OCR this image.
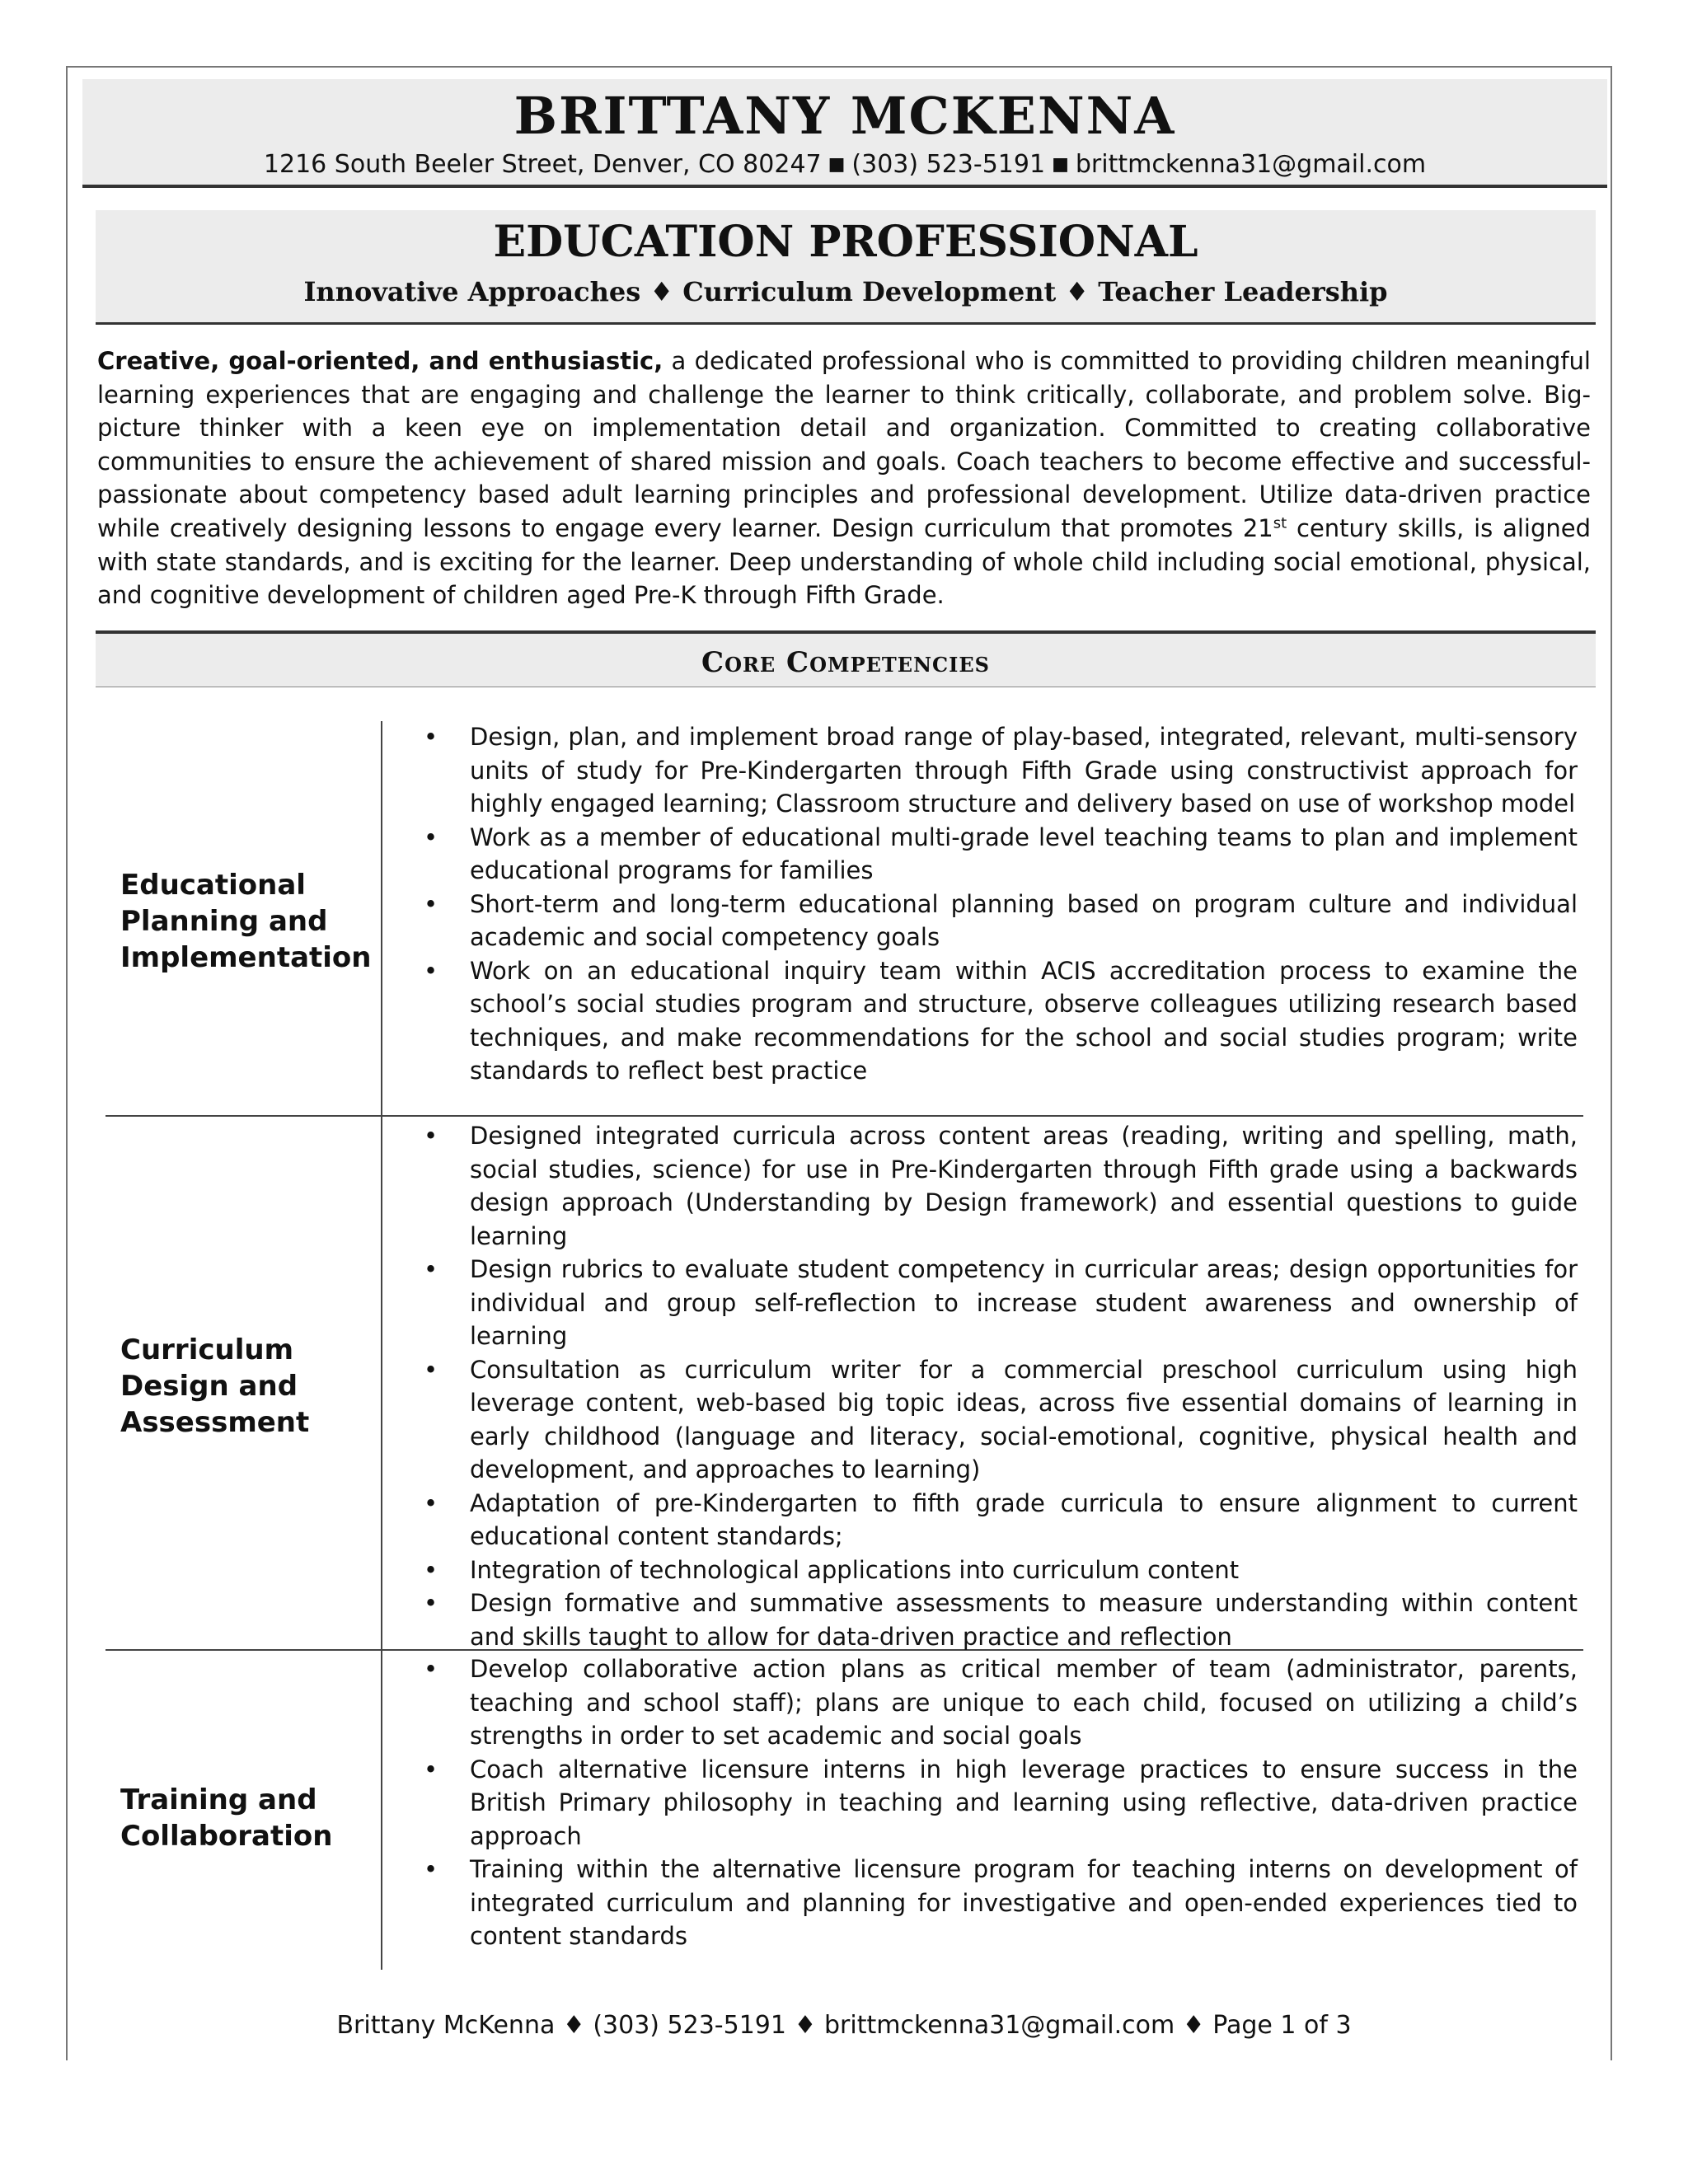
BRITTANY MCKENNA

1216 South Beeler Street, Denver, CO 80247 ■ (303) 523-5191 ■ brittmckenna31@gmail.com

EDUCATION PROFESSIONAL

Innovative Approaches ♦ Curriculum Development ♦ Teacher Leadership

Creative, goal-oriented, and enthusiastic, a dedicated professional who is committed to providing children meaningful learning experiences that are engaging and challenge the learner to think critically, collaborate, and problem solve. Big-picture thinker with a keen eye on implementation detail and organization. Committed to creating collaborative communities to ensure the achievement of shared mission and goals. Coach teachers to become effective and successful-passionate about competency based adult learning principles and professional development. Utilize data-driven practice while creatively designing lessons to engage every learner. Design curriculum that promotes 21st century skills, is aligned with state standards, and is exciting for the learner. Deep understanding of whole child including social emotional, physical, and cognitive development of children aged Pre-K through Fifth Grade.

Core Competencies

Educational Planning and Implementation

• Design, plan, and implement broad range of play-based, integrated, relevant, multi-sensory units of study for Pre-Kindergarten through Fifth Grade using constructivist approach for highly engaged learning; Classroom structure and delivery based on use of workshop model
• Work as a member of educational multi-grade level teaching teams to plan and implement educational programs for families
• Short-term and long-term educational planning based on program culture and individual academic and social competency goals
• Work on an educational inquiry team within ACIS accreditation process to examine the school’s social studies program and structure, observe colleagues utilizing research based techniques, and make recommendations for the school and social studies program; write standards to reflect best practice

Curriculum Design and Assessment

• Designed integrated curricula across content areas (reading, writing and spelling, math, social studies, science) for use in Pre-Kindergarten through Fifth grade using a backwards design approach (Understanding by Design framework) and essential questions to guide learning
• Design rubrics to evaluate student competency in curricular areas; design opportunities for individual and group self-reflection to increase student awareness and ownership of learning
• Consultation as curriculum writer for a commercial preschool curriculum using high leverage content, web-based big topic ideas, across five essential domains of learning in early childhood (language and literacy, social-emotional, cognitive, physical health and development, and approaches to learning)
• Adaptation of pre-Kindergarten to fifth grade curricula to ensure alignment to current educational content standards;
• Integration of technological applications into curriculum content
• Design formative and summative assessments to measure understanding within content and skills taught to allow for data-driven practice and reflection

Training and Collaboration

• Develop collaborative action plans as critical member of team (administrator, parents, teaching and school staff); plans are unique to each child, focused on utilizing a child’s strengths in order to set academic and social goals
• Coach alternative licensure interns in high leverage practices to ensure success in the British Primary philosophy in teaching and learning using reflective, data-driven practice approach
• Training within the alternative licensure program for teaching interns on development of integrated curriculum and planning for investigative and open-ended experiences tied to content standards

Brittany McKenna ♦ (303) 523-5191 ♦ brittmckenna31@gmail.com ♦ Page 1 of 3
